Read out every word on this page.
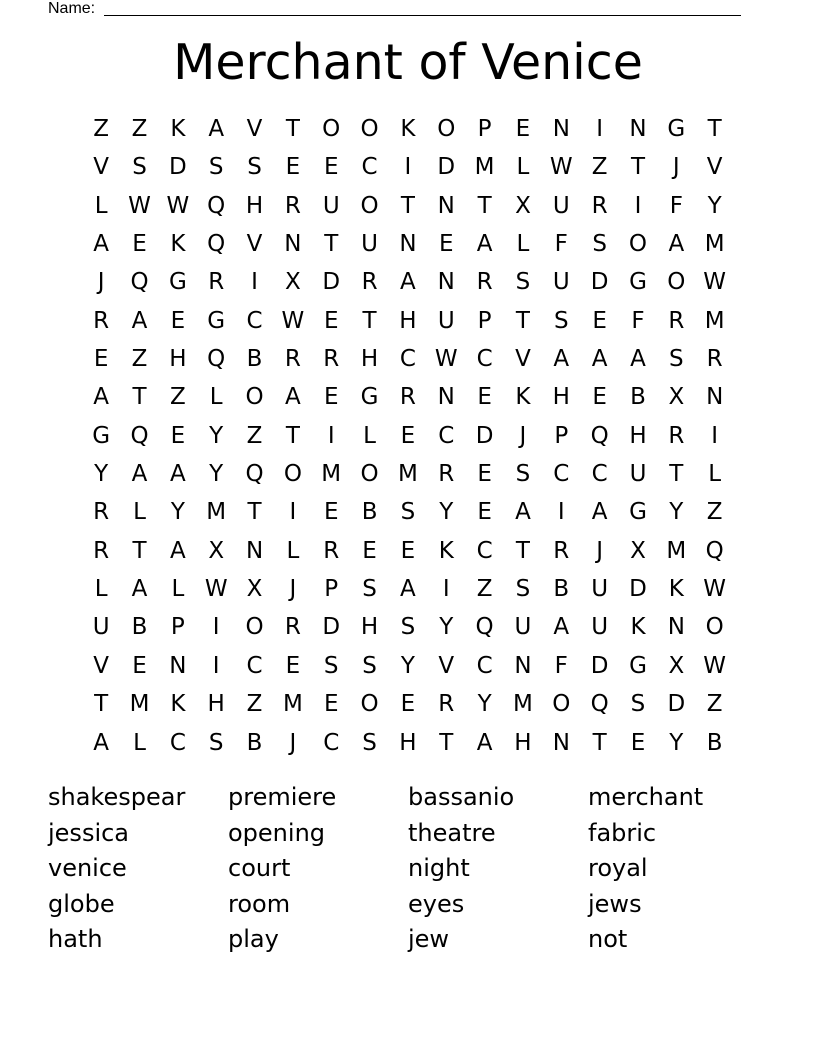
Name:
Merchant of Venice
Z Z K A V	T O O K O P	E N	I	N G T
V	S D S	S	E	E	C	I	D M L W Z	T	J	V
L W W Q H R U O T N T	X U R	I	F	Y
A	E	K Q V N T U N E	A	L	F	S O A M
J	Q G R	I	X D R A N R	S U D G O W
R A	E G C W E	T H U P	T	S	E	F	R M
E	Z H Q B R R H C W C V A A A	S	R
A	T	Z	L O A	E G R N E	K H E	B X N
G Q E	Y	Z	T	I	L	E	C D	J	P Q H R	I
Y	A A	Y Q O M O M R	E	S	C C U T	L
R	L	Y M T	I	E	B	S	Y	E	A	I	A G Y	Z
R	T	A X N	L	R	E	E	K C	T	R	J	X M Q
L	A	L W X	J	P	S	A	I	Z	S	B U D K W
U B	P	I	O R D H S	Y Q U A U K N O
V	E N	I	C	E	S	S	Y	V C N	F D G X W
T M K H Z M E O E	R	Y M O Q S D Z
A	L	C	S	B	J	C	S H T	A H N T	E	Y	B
shakespear	premiere	bassanio	merchant
jessica	opening	theatre	fabric
venice	court	night	royal
globe	room	eyes	jews
hath	play	jew	not
